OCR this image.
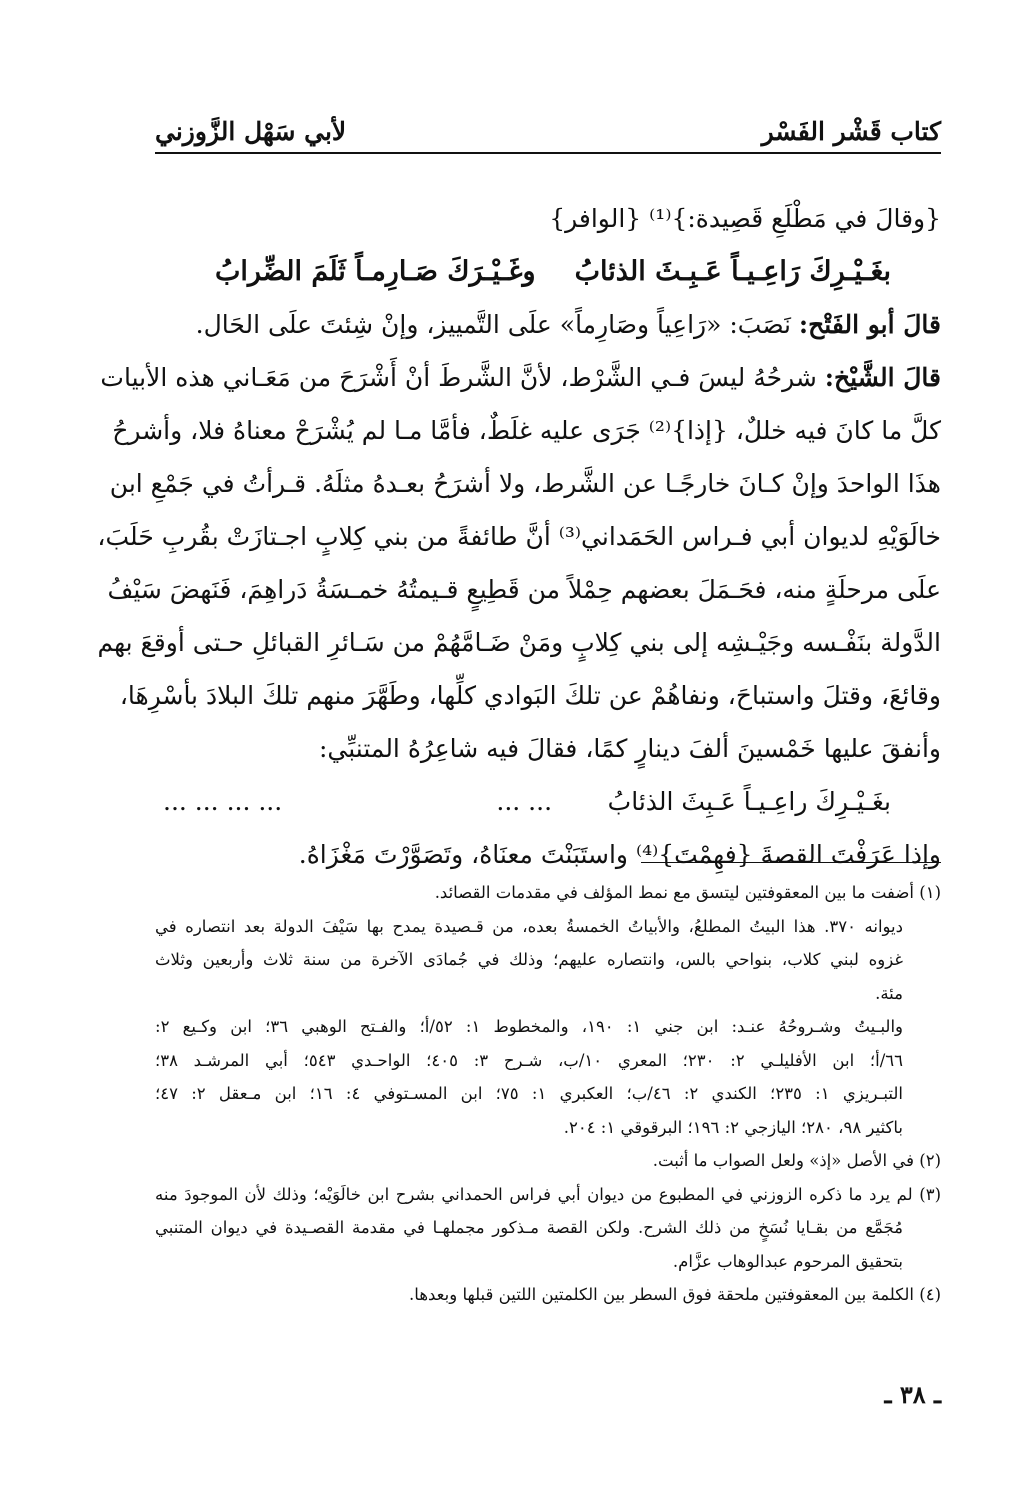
كتاب قَشْر الفَسْر
لأبي سَهْل الزَّوزني
{وقالَ في مَطْلَعِ قَصِيدة:}⁽¹⁾ {الوافر}
بغَـيْـرِكَ رَاعِـيـاً عَـبِـثَ الذئابُ
وغَـيْـرَكَ صَـارِمـاً ثَلَمَ الضِّرابُ
قالَ أبو الفَتْح: نَصَبَ: «رَاعِياً وصَارِماً» علَى التَّمييز، وإنْ شِئتَ علَى الحَال.
قالَ الشَّيْخ: شرحُهُ ليسَ فـي الشَّرْط، لأنَّ الشَّرطَ أنْ أَشْرَحَ من مَعَـاني هذه الأبيات
كلَّ ما كانَ فيه خللٌ، {إذا}⁽²⁾ جَرَى عليه غلَطٌ، فأمَّا مـا لم يُشْرَحْ معناهُ فلا، وأشرحُ
هذَا الواحدَ وإنْ كـانَ خارجًـا عن الشَّرط، ولا أشرَحُ بعـدهُ مثلَهُ. قـرأتُ في جَمْعِ ابن
خالَوَيْهِ لديوان أبي فـراس الحَمَداني⁽³⁾ أنَّ طائفةً من بني كِلابٍ اجـتازَتْ بقُربِ حَلَبَ،
علَى مرحلَةٍ منه، فحَـمَلَ بعضهم حِمْلاً من قَطِيعٍ قـيمتُهُ خمـسَةُ دَراهِمَ، فَنَهضَ سَيْفُ
الدَّولة بنَفْـسه وجَيْـشِه إلى بني كِلابٍ ومَنْ ضَـامَّهُمْ من سَـائرِ القبائلِ حـتى أوقعَ بهم
وقائعَ، وقتلَ واستباحَ، ونفاهُمْ عن تلكَ البَوادي كلِّها، وطَهَّرَ منهم تلكَ البلادَ بأسْرِهَا،
وأنفقَ عليها خَمْسينَ ألفَ دينارٍ كمًا، فقالَ فيه شاعِرُهُ المتنبِّي:
بغَـيْـرِكَ راعِـيـاً عَـبِثَ الذئابُ       ... ...
... ... ... ...
وإذا عَرَفْتَ القصةَ {فهِمْتَ}⁽⁴⁾ واستَبَنْتَ معنَاهُ، وتَصَوَّرْتَ مَغْزَاهُ.
(١) أضفت ما بين المعقوفتين ليتسق مع نمط المؤلف في مقدمات القصائد.
ديوانه ٣٧٠. هذا البيتُ المطلعُ، والأبياتُ الخمسةُ بعده، من قـصيدة يمدح بها سَيْفَ الدولة بعد انتصاره في
غزوه لبني كلاب، بنواحي بالس، وانتصاره عليهم؛ وذلك في جُمادَى الآخرة من سنة ثلاث وأربعين وثلاث
مئة.
والبـيتُ وشـروحُهُ عنـد: ابن جني ١: ١٩٠، والمخطوط ١: ٥٢/أ؛ والفـتح الوهبي ٣٦؛ ابن وكـيع ٢:
٦٦/أ؛ ابن الأفليلـي ٢: ٢٣٠؛ المعري ١٠/ب، شـرح ٣: ٤٠٥؛ الواحـدي ٥٤٣؛ أبي المرشـد ٣٨؛
التبـريزي ١: ٢٣٥؛ الكندي ٢: ٤٦/ب؛ العكبري ١: ٧٥؛ ابن المسـتوفي ٤: ١٦؛ ابن مـعقل ٢: ٤٧؛
باكثير ٩٨، ٢٨٠؛ اليازجي ٢: ١٩٦؛ البرقوقي ١: ٢٠٤.
(٢) في الأصل «إذ» ولعل الصواب ما أثبت.
(٣) لم يرد ما ذكره الزوزني في المطبوع من ديوان أبي فراس الحمداني بشرح ابن خالَوَيْه؛ وذلك لأن الموجودَ منه
مُجَمَّع من بقـايا نُسَخٍ من ذلك الشرح. ولكن القصة مـذكور مجملهـا في مقدمة القصـيدة في ديوان المتنبي
بتحقيق المرحوم عبدالوهاب عزَّام.
(٤) الكلمة بين المعقوفتين ملحقة فوق السطر بين الكلمتين اللتين قبلها وبعدها.
ـ ٣٨ ـ
